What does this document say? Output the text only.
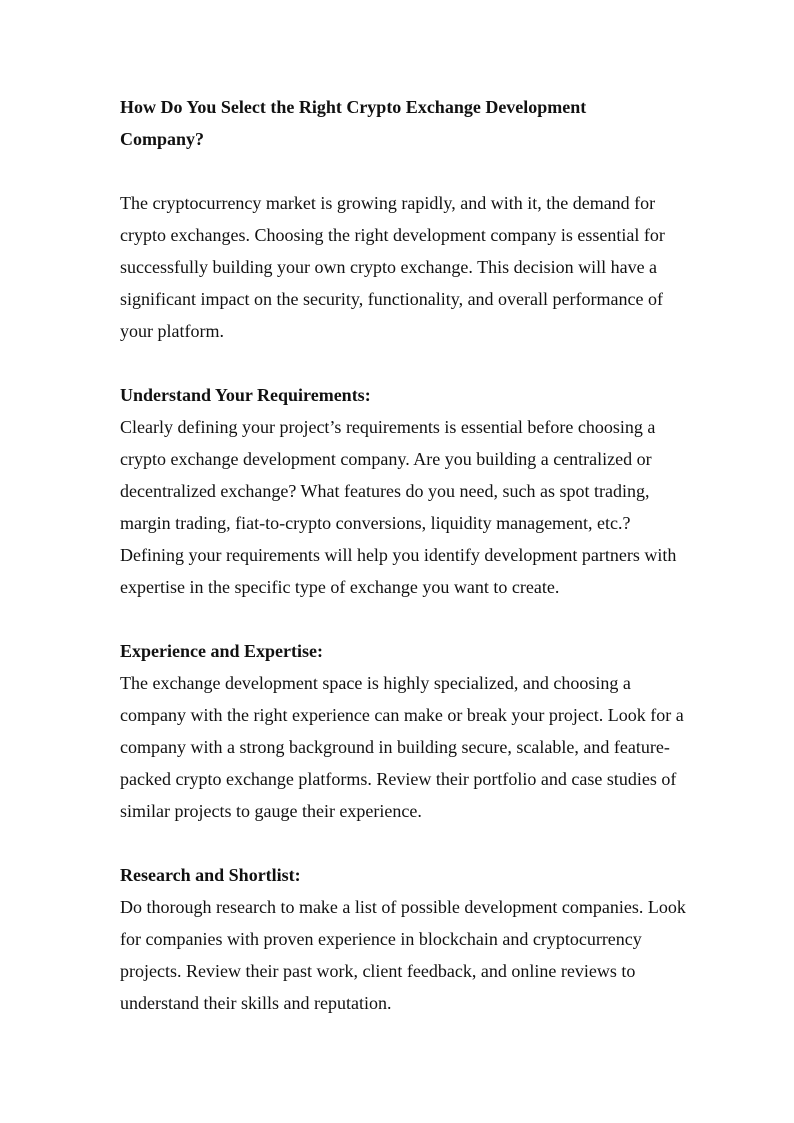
How Do You Select the Right Crypto Exchange Development Company?

The cryptocurrency market is growing rapidly, and with it, the demand for crypto exchanges. Choosing the right development company is essential for successfully building your own crypto exchange. This decision will have a significant impact on the security, functionality, and overall performance of your platform.

Understand Your Requirements:

Clearly defining your project’s requirements is essential before choosing a crypto exchange development company. Are you building a centralized or decentralized exchange? What features do you need, such as spot trading, margin trading, fiat-to-crypto conversions, liquidity management, etc.? Defining your requirements will help you identify development partners with expertise in the specific type of exchange you want to create.

Experience and Expertise:

The exchange development space is highly specialized, and choosing a company with the right experience can make or break your project. Look for a company with a strong background in building secure, scalable, and feature-packed crypto exchange platforms. Review their portfolio and case studies of similar projects to gauge their experience.

Research and Shortlist:

Do thorough research to make a list of possible development companies. Look for companies with proven experience in blockchain and cryptocurrency projects. Review their past work, client feedback, and online reviews to understand their skills and reputation.
